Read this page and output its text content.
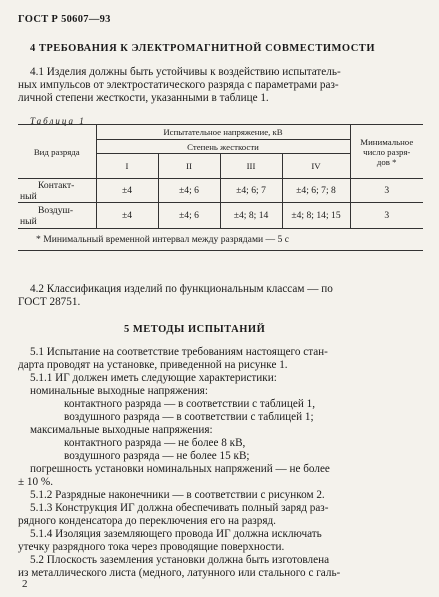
ГОСТ Р 50607—93
4 ТРЕБОВАНИЯ К ЭЛЕКТРОМАГНИТНОЙ СОВМЕСТИМОСТИ
4.1 Изделия должны быть устойчивы к воздействию испытатель-
ных импульсов от электростатического разряда с параметрами раз-
личной степени жесткости, указанными в таблице 1.
Таблица 1
Вид разряда	Испытательное напряжение, кВ				Минимальное
число разря-
дов *

	Степень жесткости				
	I	II	III	IV	

Контакт-
ный	±4	±4; 6	±4; 6; 7	±4; 6; 7; 8	3

Воздуш-
ный	±4	±4; 6	±4; 8; 14	±4; 8; 14; 15	3
* Минимальный временной интервал между разрядами — 5 с					
4.2 Классификация изделий по функциональным классам — по
ГОСТ 28751.
5 МЕТОДЫ ИСПЫТАНИЙ
5.1 Испытание на соответствие требованиям настоящего стан-
дарта проводят на установке, приведенной на рисунке 1.
5.1.1 ИГ должен иметь следующие характеристики:
номинальные выходные напряжения:
контактного разряда — в соответствии с таблицей 1,
воздушного разряда — в соответствии с таблицей 1;
максимальные выходные напряжения:
контактного разряда — не более 8 кВ,
воздушного разряда — не более 15 кВ;
погрешность установки номинальных напряжений — не более
± 10 %.
5.1.2 Разрядные наконечники — в соответствии с рисунком 2.
5.1.3 Конструкция ИГ должна обеспечивать полный заряд раз-
рядного конденсатора до переключения его на разряд.
5.1.4 Изоляция заземляющего провода ИГ должна исключать
утечку разрядного тока через проводящие поверхности.
5.2 Плоскость заземления установки должна быть изготовлена
из металлического листа (медного, латунного или стального с галь-
2
